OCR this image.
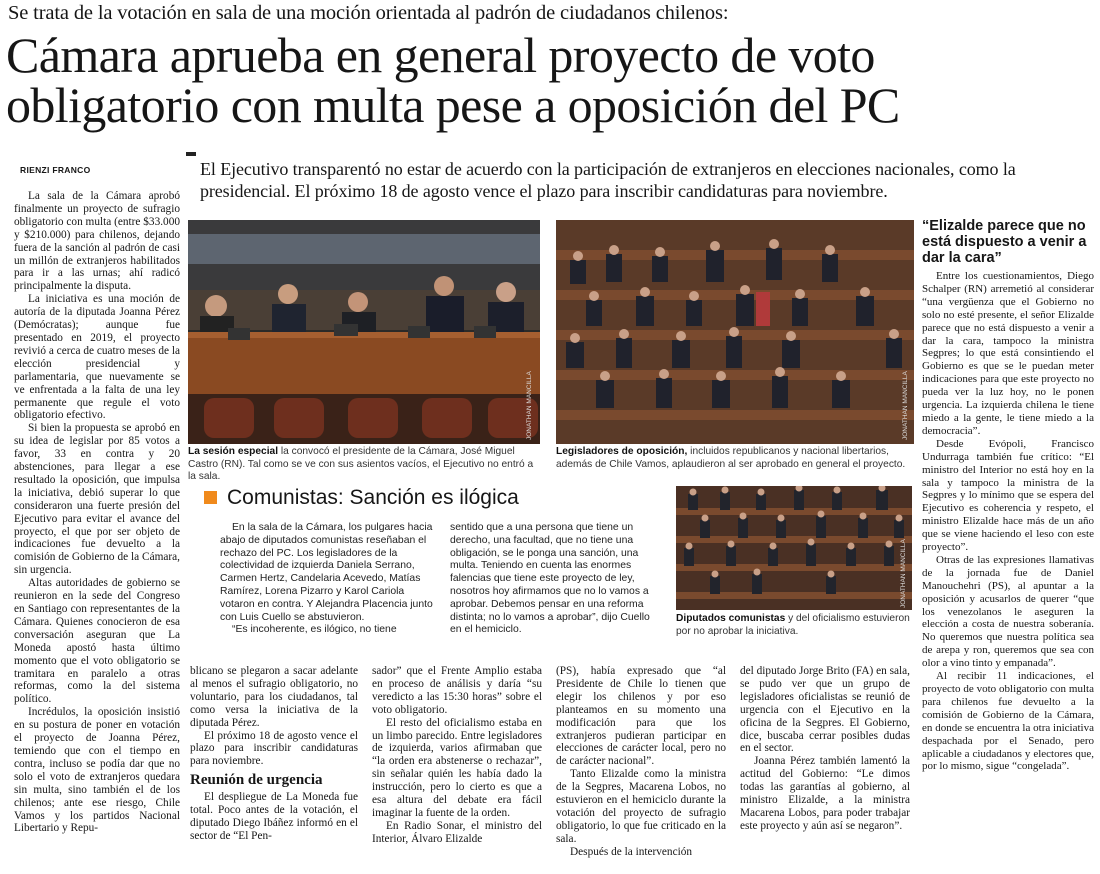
Se trata de la votación en sala de una moción orientada al padrón de ciudadanos chilenos:
Cámara aprueba en general proyecto de voto obligatorio con multa pese a oposición del PC
RIENZI FRANCO	El Ejecutivo transparentó no estar de acuerdo con la participación de extranjeros en elecciones nacionales, como la presidencial. El próximo 18 de agosto vence el plazo para inscribir candidaturas para noviembre.

La sala de la Cámara aprobó finalmente un proyecto de sufragio obligatorio con multa (entre $33.000 y $210.000) para chilenos, dejando fuera de la sanción al padrón de casi un millón de extranjeros habilitados para ir a las urnas; ahí radicó principalmente la disputa.

La iniciativa es una moción de autoría de la diputada Joanna Pérez (Demócratas); aunque fue presentado en 2019, el proyecto revivió a cerca de cuatro meses de la elección presidencial y parlamentaria, que nuevamente se ve enfrentada a la falta de una ley permanente que regule el voto obligatorio efectivo.

Si bien la propuesta se aprobó en su idea de legislar por 85 votos a favor, 33 en contra y 20 abstenciones, para llegar a ese resultado la oposición, que impulsa la iniciativa, debió superar lo que consideraron una fuerte presión del Ejecutivo para evitar el avance del proyecto, el que por ser objeto de indicaciones fue devuelto a la comisión de Gobierno de la Cámara, sin urgencia.

Altas autoridades de gobierno se reunieron en la sede del Congreso en Santiago con representantes de la Cámara. Quienes conocieron de esa conversación aseguran que La Moneda apostó hasta último momento que el voto obligatorio se tramitara en paralelo a otras reformas, como la del sistema político.

Incrédulos, la oposición insistió en su postura de poner en votación el proyecto de Joanna Pérez, temiendo que con el tiempo en contra, incluso se podía dar que no solo el voto de extranjeros quedara sin multa, sino también el de los chilenos; ante ese riesgo, Chile Vamos y los partidos Nacional Libertario y Repu-

JONATHAN MANCILLA
La sesión especial la convocó el presidente de la Cámara, José Miguel Castro (RN). Tal como se ve con sus asientos vacíos, el Ejecutivo no entró a la sala.
JONATHAN MANCILLA
Legisladores de oposición, incluidos republicanos y nacional libertarios, además de Chile Vamos, aplaudieron al ser aprobado en general el proyecto.
Comunistas: Sanción es ilógica

En la sala de la Cámara, los pulgares hacia abajo de diputados comunistas reseñaban el rechazo del PC. Los legisladores de la colectividad de izquierda Daniela Serrano, Carmen Hertz, Candelaria Acevedo, Matías Ramírez, Lorena Pizarro y Karol Cariola votaron en contra. Y Alejandra Placencia junto con Luis Cuello se abstuvieron.

“Es incoherente, es ilógico, no tiene

sentido que a una persona que tiene un derecho, una facultad, que no tiene una obligación, se le ponga una sanción, una multa. Teniendo en cuenta las enormes falencias que tiene este proyecto de ley, nosotros hoy afirmamos que no lo vamos a aprobar. Debemos pensar en una reforma distinta; no lo vamos a aprobar”, dijo Cuello en el hemiciclo.

JONATHAN MANCILLA
Diputados comunistas y del oficialismo estuvieron por no aprobar la iniciativa.

blicano se plegaron a sacar adelante al menos el sufragio obligatorio, no voluntario, para los ciudadanos, tal como versa la iniciativa de la diputada Pérez.

El próximo 18 de agosto vence el plazo para inscribir candidaturas para noviembre.

Reunión de urgencia

El despliegue de La Moneda fue total. Poco antes de la votación, el diputado Diego Ibáñez informó en el sector de “El Pen-

sador” que el Frente Amplio estaba en proceso de análisis y daría “su veredicto a las 15:30 horas” sobre el voto obligatorio.

El resto del oficialismo estaba en un limbo parecido. Entre legisladores de izquierda, varios afirmaban que “la orden era abstenerse o rechazar”, sin señalar quién les había dado la instrucción, pero lo cierto es que a esa altura del debate era fácil imaginar la fuente de la orden.

En Radio Sonar, el ministro del Interior, Álvaro Elizalde

(PS), había expresado que “al Presidente de Chile lo tienen que elegir los chilenos y por eso planteamos en su momento una modificación para que los extranjeros pudieran participar en elecciones de carácter local, pero no de carácter nacional”.

Tanto Elizalde como la ministra de la Segpres, Macarena Lobos, no estuvieron en el hemiciclo durante la votación del proyecto de sufragio obligatorio, lo que fue criticado en la sala.

Después de la intervención

del diputado Jorge Brito (FA) en sala, se pudo ver que un grupo de legisladores oficialistas se reunió de urgencia con el Ejecutivo en la oficina de la Segpres. El Gobierno, dice, buscaba cerrar posibles dudas en el sector.

Joanna Pérez también lamentó la actitud del Gobierno: “Le dimos todas las garantías al gobierno, al ministro Elizalde, a la ministra Macarena Lobos, para poder trabajar este proyecto y aún así se negaron”.

“Elizalde parece que no está dispuesto a venir a dar la cara”

Entre los cuestionamientos, Diego Schalper (RN) arremetió al considerar “una vergüenza que el Gobierno no solo no esté presente, el señor Elizalde parece que no está dispuesto a venir a dar la cara, tampoco la ministra Segpres; lo que está consintiendo el Gobierno es que se le puedan meter indicaciones para que este proyecto no pueda ver la luz hoy, no le ponen urgencia. La izquierda chilena le tiene miedo a la gente, le tiene miedo a la democracia”.

Desde Evópoli, Francisco Undurraga también fue crítico: “El ministro del Interior no está hoy en la sala y tampoco la ministra de la Segpres y lo mínimo que se espera del Ejecutivo es coherencia y respeto, el ministro Elizalde hace más de un año que se viene haciendo el leso con este proyecto”.

Otras de las expresiones llamativas de la jornada fue de Daniel Manouchehri (PS), al apuntar a la oposición y acusarlos de querer “que los venezolanos le aseguren la elección a costa de nuestra soberanía. No queremos que nuestra política sea de arepa y ron, queremos que sea con olor a vino tinto y empanada”.

Al recibir 11 indicaciones, el proyecto de voto obligatorio con multa para chilenos fue devuelto a la comisión de Gobierno de la Cámara, en donde se encuentra la otra iniciativa despachada por el Senado, pero aplicable a ciudadanos y electores que, por lo mismo, sigue “congelada”.
